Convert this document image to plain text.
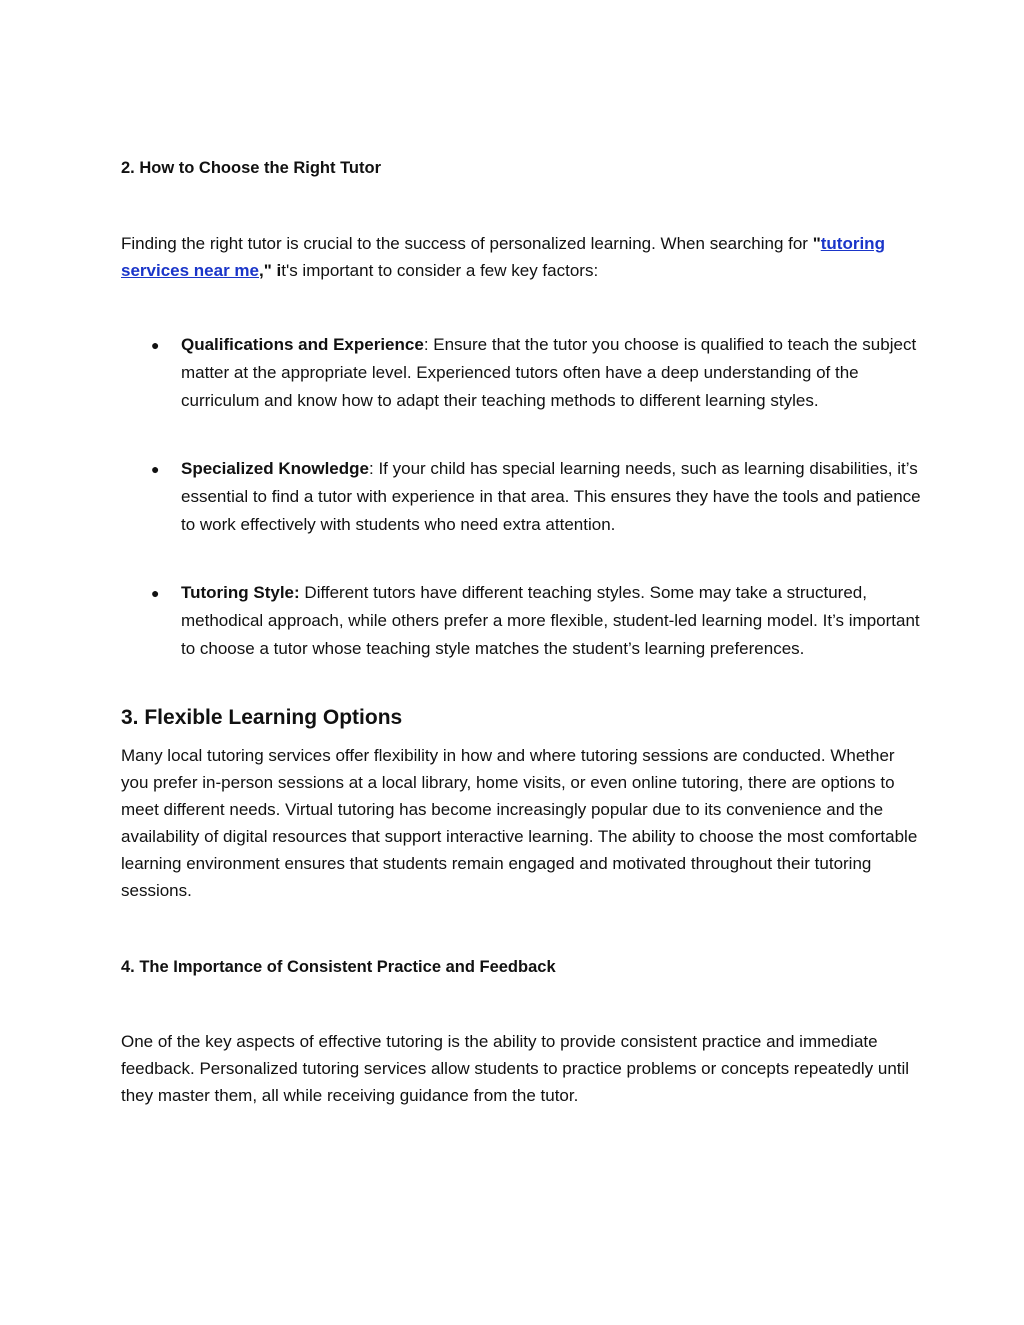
2. How to Choose the Right Tutor

Finding the right tutor is crucial to the success of personalized learning. When searching for "tutoring services near me," it's important to consider a few key factors:

● Qualifications and Experience: Ensure that the tutor you choose is qualified to teach the subject matter at the appropriate level. Experienced tutors often have a deep understanding of the curriculum and know how to adapt their teaching methods to different learning styles.
● Specialized Knowledge: If your child has special learning needs, such as learning disabilities, it’s essential to find a tutor with experience in that area. This ensures they have the tools and patience to work effectively with students who need extra attention.
● Tutoring Style: Different tutors have different teaching styles. Some may take a structured, methodical approach, while others prefer a more flexible, student-led learning model. It’s important to choose a tutor whose teaching style matches the student’s learning preferences.

3. Flexible Learning Options

Many local tutoring services offer flexibility in how and where tutoring sessions are conducted. Whether you prefer in-person sessions at a local library, home visits, or even online tutoring, there are options to meet different needs. Virtual tutoring has become increasingly popular due to its convenience and the availability of digital resources that support interactive learning. The ability to choose the most comfortable learning environment ensures that students remain engaged and motivated throughout their tutoring sessions.

4. The Importance of Consistent Practice and Feedback

One of the key aspects of effective tutoring is the ability to provide consistent practice and immediate feedback. Personalized tutoring services allow students to practice problems or concepts repeatedly until they master them, all while receiving guidance from the tutor.
